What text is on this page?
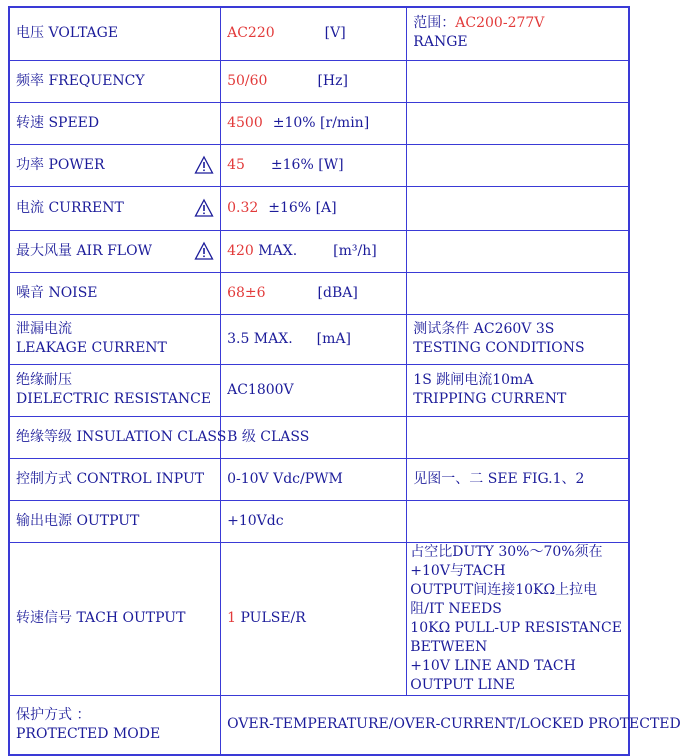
电压 VOLTAGE	AC220 [V]	范围：AC200-277V
RANGE
频率 FREQUENCY	50/60 [Hz]	
转速 SPEED	4500 ±10% [r/min]	

功率 POWER	45 ±16% [W]	

电流 CURRENT	0.32 ±16% [A]	

最大风量 AIR FLOW	420 MAX. [m³/h]	
噪音 NOISE	68±6 [dBA]	
泄漏电流
LEAKAGE CURRENT	3.5 MAX. [mA]	测试条件 AC260V 3S
TESTING CONDITIONS
绝缘耐压
DIELECTRIC RESISTANCE	AC1800V	1S 跳闸电流10mA
TRIPPING CURRENT
绝缘等级 INSULATION CLASS	B 级 CLASS	
控制方式 CONTROL INPUT	0-10V Vdc/PWM	见图一、二 SEE FIG.1、2
输出电源 OUTPUT	+10Vdc	
转速信号 TACH OUTPUT	1 PULSE/R	占空比DUTY 30%～70%须在+10V与TACH
OUTPUT间连接10KΩ上拉电阻/IT NEEDS
10KΩ PULL-UP RESISTANCE BETWEEN
+10V LINE AND TACH OUTPUT LINE
保护方式 ：
PROTECTED MODE	OVER-TEMPERATURE/OVER-CURRENT/LOCKED PROTECTED	
